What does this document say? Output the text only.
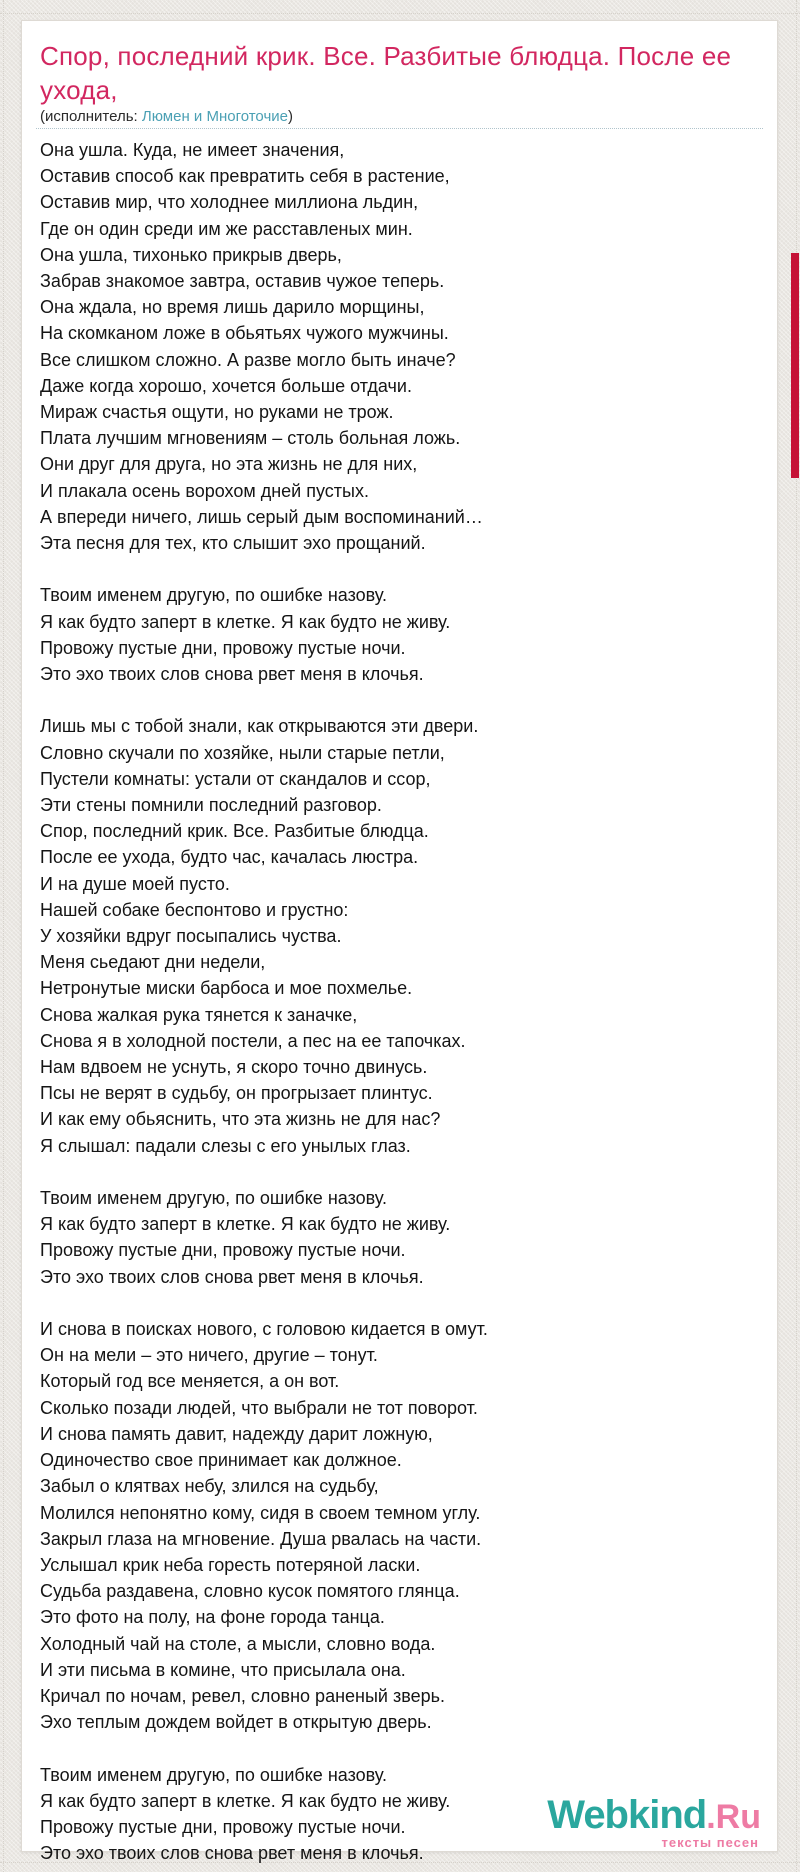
Спор, последний крик. Все. Разбитые блюдца. После ее ухода,
(исполнитель: Люмен и Многоточие)
Она ушла. Куда, не имеет значения,
Оставив способ как превратить себя в растение,
Оставив мир, что холоднее миллиона льдин,
Где он один среди им же расставленых мин.
Она ушла, тихонько прикрыв дверь,
Забрав знакомое завтра, оставив чужое теперь.
Она ждала, но время лишь дарило морщины,
На скомканом ложе в обьятьях чужого мужчины.
Все слишком сложно. А разве могло быть иначе?
Даже когда хорошо, хочется больше отдачи.
Мираж счастья ощути, но руками не трож.
Плата лучшим мгновениям – столь больная ложь.
Они друг для друга, но эта жизнь не для них,
И плакала осень ворохом дней пустых.
А впереди ничего, лишь серый дым воспоминаний…
Эта песня для тех, кто слышит эхо прощаний.
Твоим именем другую, по ошибке назову.
Я как будто заперт в клетке. Я как будто не живу.
Провожу пустые дни, провожу пустые ночи.
Это эхо твоих слов снова рвет меня в клочья.
Лишь мы с тобой знали, как открываются эти двери.
Словно скучали по хозяйке, ныли старые петли,
Пустели комнаты: устали от скандалов и ссор,
Эти стены помнили последний разговор.
Спор, последний крик. Все. Разбитые блюдца.
После ее ухода, будто час, качалась люстра.
И на душе моей пусто.
Нашей собаке беспонтово и грустно:
У хозяйки вдруг посыпались чуства.
Меня сьедают дни недели,
Нетронутые миски барбоса и мое похмелье.
Снова жалкая рука тянется к заначке,
Снова я в холодной постели, а пес на ее тапочках.
Нам вдвоем не уснуть, я скоро точно двинусь.
Псы не верят в судьбу, он прогрызает плинтус.
И как ему обьяснить, что эта жизнь не для нас?
Я слышал: падали слезы с его унылых глаз.
Твоим именем другую, по ошибке назову.
Я как будто заперт в клетке. Я как будто не живу.
Провожу пустые дни, провожу пустые ночи.
Это эхо твоих слов снова рвет меня в клочья.
И снова в поисках нового, с головою кидается в омут.
Он на мели – это ничего, другие – тонут.
Который год все меняется, а он вот.
Сколько позади людей, что выбрали не тот поворот.
И снова память давит, надежду дарит ложную,
Одиночество свое принимает как должное.
Забыл о клятвах небу, злился на судьбу,
Молился непонятно кому, сидя в своем темном углу.
Закрыл глаза на мгновение. Душа рвалась на части.
Услышал крик неба горесть потеряной ласки.
Судьба раздавена, словно кусок помятого глянца.
Это фото на полу, на фоне города танца.
Холодный чай на столе, а мысли, словно вода.
И эти письма в комине, что присылала она.
Кричал по ночам, ревел, словно раненый зверь.
Эхо теплым дождем войдет в открытую дверь.
Твоим именем другую, по ошибке назову.
Я как будто заперт в клетке. Я как будто не живу.
Провожу пустые дни, провожу пустые ночи.
Это эхо твоих слов снова рвет меня в клочья.
Webkind.Ru
тексты песен
